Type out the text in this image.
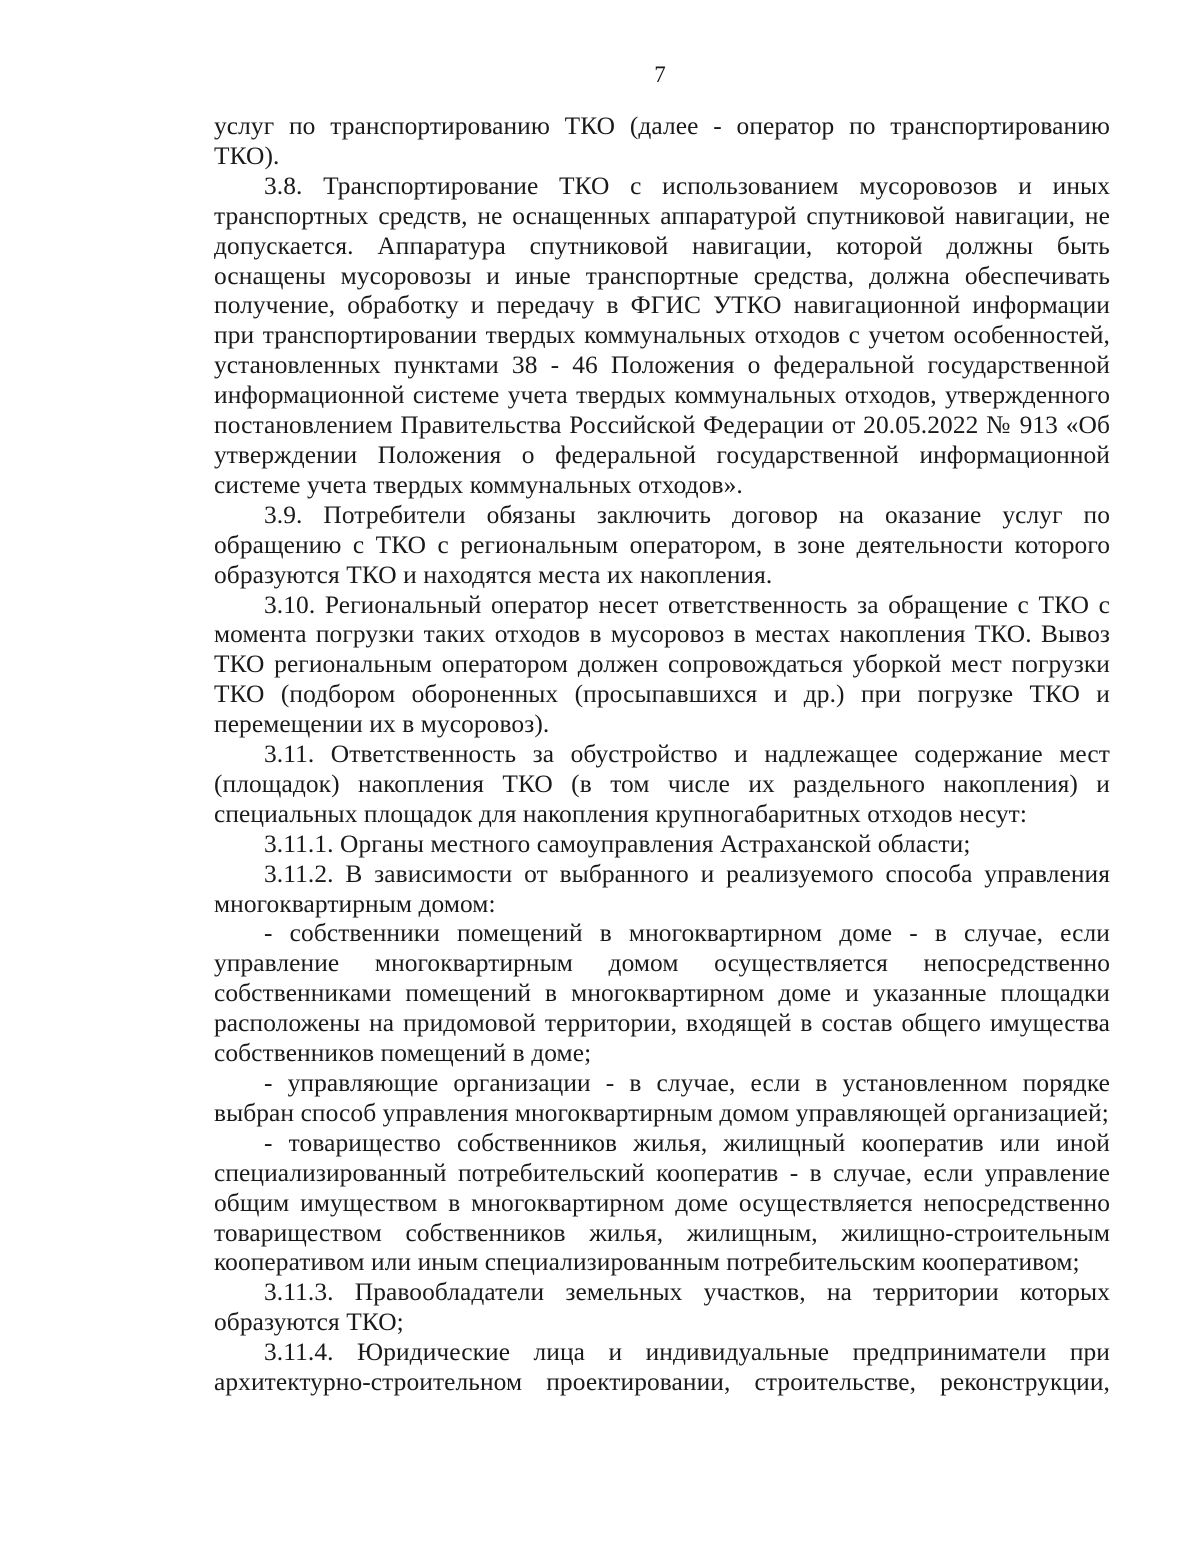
7

услуг по транспортированию ТКО (далее - оператор по транспортированию ТКО).

3.8. Транспортирование ТКО с использованием мусоровозов и иных транспортных средств, не оснащенных аппаратурой спутниковой навигации, не допускается. Аппаратура спутниковой навигации, которой должны быть оснащены мусоровозы и иные транспортные средства, должна обеспечивать получение, обработку и передачу в ФГИС УТКО навигационной информации при транспортировании твердых коммунальных отходов с учетом особенностей, установленных пунктами 38 - 46 Положения о федеральной государственной информационной системе учета твердых коммунальных отходов, утвержденного постановлением Правительства Российской Федерации от 20.05.2022 № 913 «Об утверждении Положения о федеральной государственной информационной системе учета твердых коммунальных отходов».

3.9. Потребители обязаны заключить договор на оказание услуг по обращению с ТКО с региональным оператором, в зоне деятельности которого образуются ТКО и находятся места их накопления.

3.10. Региональный оператор несет ответственность за обращение с ТКО с момента погрузки таких отходов в мусоровоз в местах накопления ТКО. Вывоз ТКО региональным оператором должен сопровождаться уборкой мест погрузки ТКО (подбором обороненных (просыпавшихся и др.) при погрузке ТКО и перемещении их в мусоровоз).

3.11. Ответственность за обустройство и надлежащее содержание мест (площадок) накопления ТКО (в том числе их раздельного накопления) и специальных площадок для накопления крупногабаритных отходов несут:

3.11.1. Органы местного самоуправления Астраханской области;

3.11.2. В зависимости от выбранного и реализуемого способа управления многоквартирным домом:

- собственники помещений в многоквартирном доме - в случае, если управление многоквартирным домом осуществляется непосредственно собственниками помещений в многоквартирном доме и указанные площадки расположены на придомовой территории, входящей в состав общего имущества собственников помещений в доме;

- управляющие организации - в случае, если в установленном порядке выбран способ управления многоквартирным домом управляющей организацией;

- товарищество собственников жилья, жилищный кооператив или иной специализированный потребительский кооператив - в случае, если управление общим имуществом в многоквартирном доме осуществляется непосредственно товариществом собственников жилья, жилищным, жилищно-строительным кооперативом или иным специализированным потребительским кооперативом;

3.11.3. Правообладатели земельных участков, на территории которых образуются ТКО;

3.11.4. Юридические лица и индивидуальные предприниматели при архитектурно-строительном проектировании, строительстве, реконструкции,
